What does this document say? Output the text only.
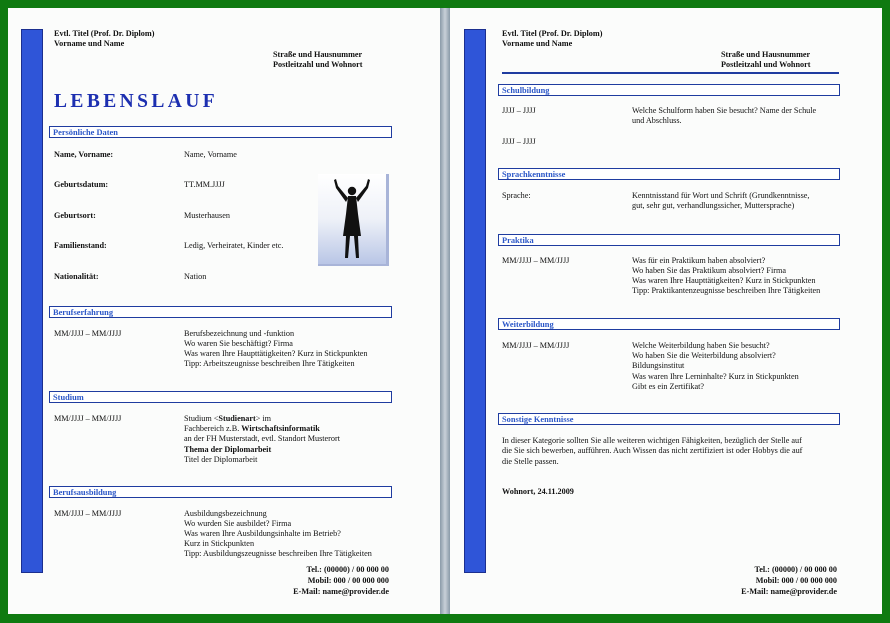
Evtl. Titel (Prof. Dr. Diplom)
Vorname und Name
Straße und Hausnummer
Postleitzahl und Wohnort
LEBENSLAUF
Persönliche Daten
Name, Vorname:	Name, Vorname
Geburtsdatum:	TT.MM.JJJJ
Geburtsort:	Musterhausen
Familienstand:	Ledig, Verheiratet, Kinder etc.
Nationalität:	Nation
Berufserfahrung
MM/JJJJ – MM/JJJJ	Berufsbezeichnung und -funktion
Wo waren Sie beschäftigt? Firma
Was waren Ihre Haupttätigkeiten? Kurz in Stickpunkten
Tipp: Arbeitszeugnisse beschreiben Ihre Tätigkeiten
Studium
MM/JJJJ – MM/JJJJ	Studium <Studienart> im
Fachbereich z.B. Wirtschaftsinformatik
an der FH Musterstadt, evtl. Standort Musterort
Thema der Diplomarbeit
Titel der Diplomarbeit
Berufsausbildung
MM/JJJJ – MM/JJJJ	Ausbildungsbezeichnung
Wo wurden Sie ausbildet? Firma
Was waren Ihre Ausbildungsinhalte im Betrieb?
Kurz in Stickpunkten
Tipp: Ausbildungszeugnisse beschreiben Ihre Tätigkeiten
Tel.: (00000) / 00 000 00
Mobil: 000 / 00 000 000
E-Mail: name@provider.de
Evtl. Titel (Prof. Dr. Diplom)
Vorname und Name
Straße und Hausnummer
Postleitzahl und Wohnort
Schulbildung
JJJJ – JJJJ	Welche Schulform haben Sie besucht? Name der Schule
und Abschluss.
JJJJ – JJJJ
Sprachkenntnisse
Sprache:	Kenntnisstand für Wort und Schrift (Grundkenntnisse,
gut, sehr gut, verhandlungssicher, Muttersprache)
Praktika
MM/JJJJ – MM/JJJJ	Was für ein Praktikum haben absolviert?
Wo haben Sie das Praktikum absolviert? Firma
Was waren Ihre Haupttätigkeiten? Kurz in Stickpunkten
Tipp: Praktikantenzeugnisse beschreiben Ihre Tätigkeiten
Weiterbildung
MM/JJJJ – MM/JJJJ	Welche Weiterbildung haben Sie besucht?
Wo haben Sie die Weiterbildung absolviert?
Bildungsinstitut
Was waren Ihre Lerninhalte? Kurz in Stickpunkten
Gibt es ein Zertifikat?
Sonstige Kenntnisse
In dieser Kategorie sollten Sie alle weiteren wichtigen Fähigkeiten, bezüglich der Stelle auf
die Sie sich bewerben, aufführen. Auch Wissen das nicht zertifiziert ist oder Hobbys die auf
die Stelle passen.
Wohnort, 24.11.2009
Tel.: (00000) / 00 000 00
Mobil: 000 / 00 000 000
E-Mail: name@provider.de
